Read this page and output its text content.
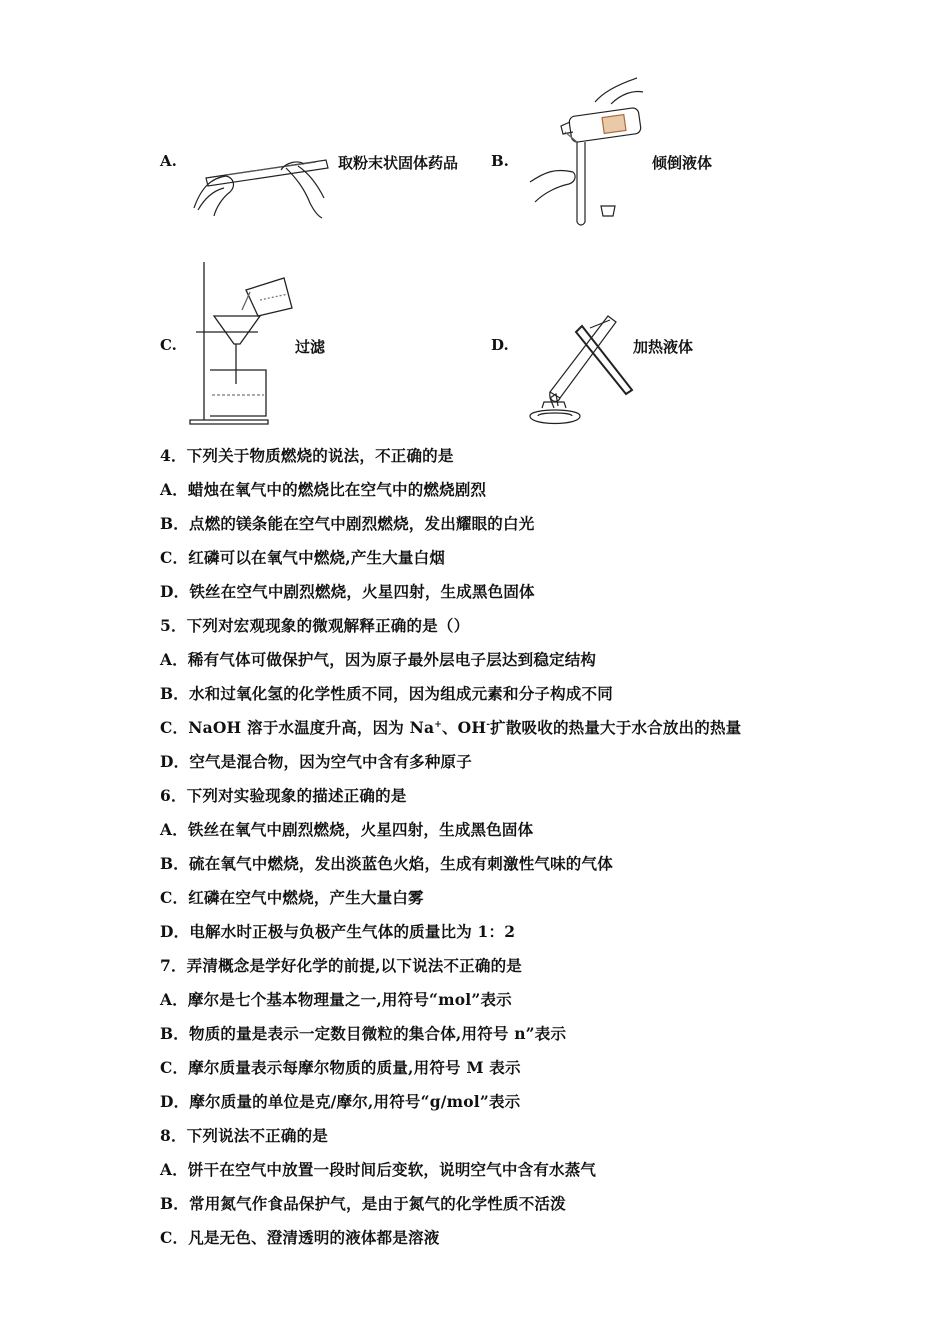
A.	取粉末状固体药品 B.	倾倒液体
C.	过滤	D.	加热液体
4．下列关于物质燃烧的说法，不正确的是
A．蜡烛在氧气中的燃烧比在空气中的燃烧剧烈
B．点燃的镁条能在空气中剧烈燃烧，发出耀眼的白光
C．红磷可以在氧气中燃烧,产生大量白烟
D．铁丝在空气中剧烈燃烧，火星四射，生成黑色固体
5．下列对宏观现象的微观解释正确的是（）
A．稀有气体可做保护气，因为原子最外层电子层达到稳定结构
B．水和过氧化氢的化学性质不同，因为组成元素和分子构成不同
C．NaOH 溶于水温度升高，因为 Na+、OH-扩散吸收的热量大于水合放出的热量
D．空气是混合物，因为空气中含有多种原子
6．下列对实验现象的描述正确的是
A．铁丝在氧气中剧烈燃烧，火星四射，生成黑色固体
B．硫在氧气中燃烧，发出淡蓝色火焰，生成有刺激性气味的气体
C．红磷在空气中燃烧，产生大量白雾
D．电解水时正极与负极产生气体的质量比为 1：2
7．弄清概念是学好化学的前提,以下说法不正确的是
A．摩尔是七个基本物理量之一,用符号“mol”表示
B．物质的量是表示一定数目微粒的集合体,用符号 n”表示
C．摩尔质量表示每摩尔物质的质量,用符号 M 表示
D．摩尔质量的单位是克/摩尔,用符号“g/mol”表示
8．下列说法不正确的是
A．饼干在空气中放置一段时间后变软，说明空气中含有水蒸气
B．常用氮气作食品保护气，是由于氮气的化学性质不活泼
C．凡是无色、澄清透明的液体都是溶液
